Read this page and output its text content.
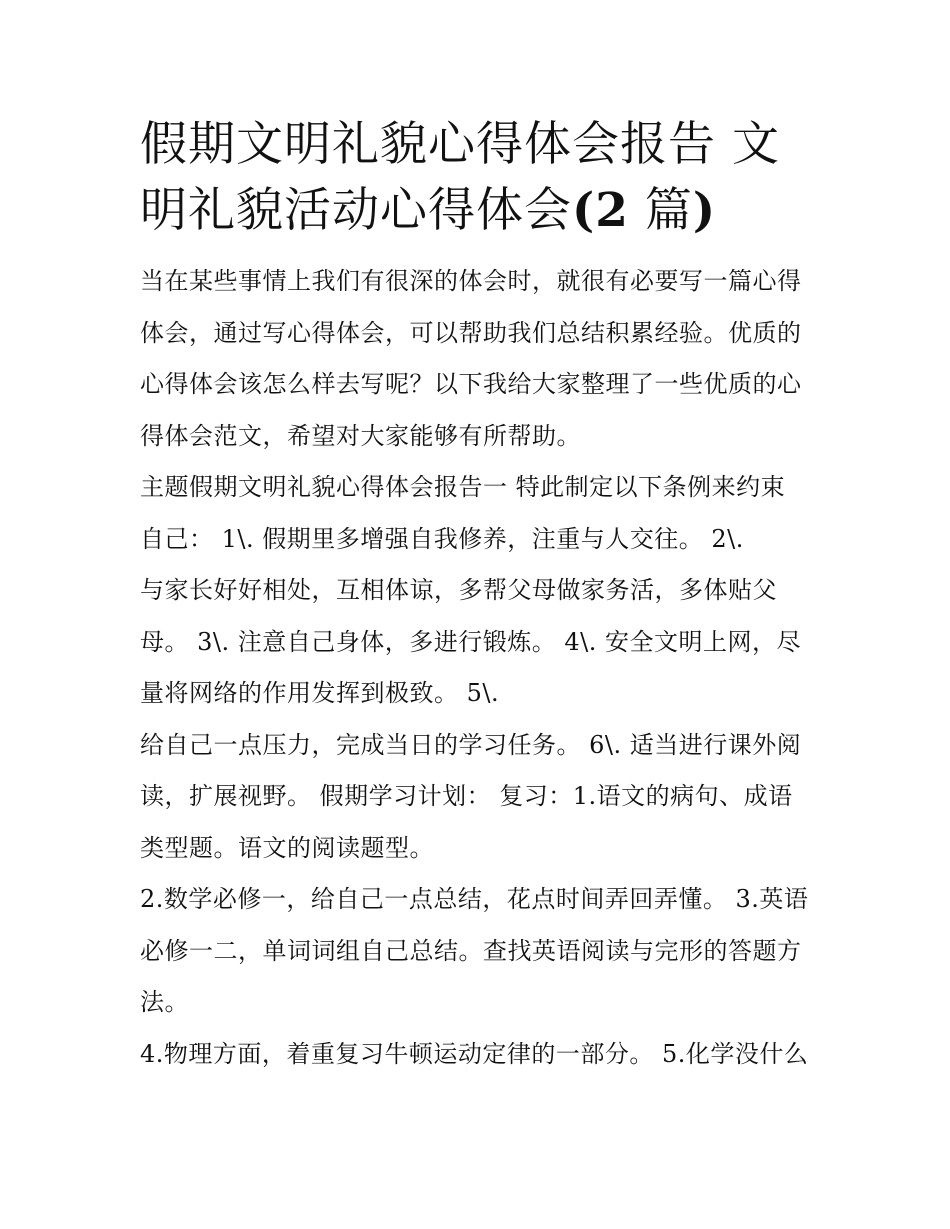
假期文明礼貌心得体会报告 文
明礼貌活动心得体会(2 篇)

当在某些事情上我们有很深的体会时，就很有必要写一篇心得
体会，通过写心得体会，可以帮助我们总结积累经验。优质的
心得体会该怎么样去写呢？以下我给大家整理了一些优质的心
得体会范文，希望对大家能够有所帮助。

主题假期文明礼貌心得体会报告一 特此制定以下条例来约束
自己： 1\. 假期里多增强自我修养，注重与人交往。 2\.

与家长好好相处，互相体谅，多帮父母做家务活，多体贴父
母。 3\. 注意自己身体，多进行锻炼。 4\. 安全文明上网，尽
量将网络的作用发挥到极致。 5\.

给自己一点压力，完成当日的学习任务。 6\. 适当进行课外阅
读，扩展视野。 假期学习计划： 复习：1.语文的病句、成语
类型题。语文的阅读题型。

2.数学必修一，给自己一点总结，花点时间弄回弄懂。 3.英语
必修一二，单词词组自己总结。查找英语阅读与完形的答题方
法。

4.物理方面，着重复习牛顿运动定律的一部分。 5.化学没什么
